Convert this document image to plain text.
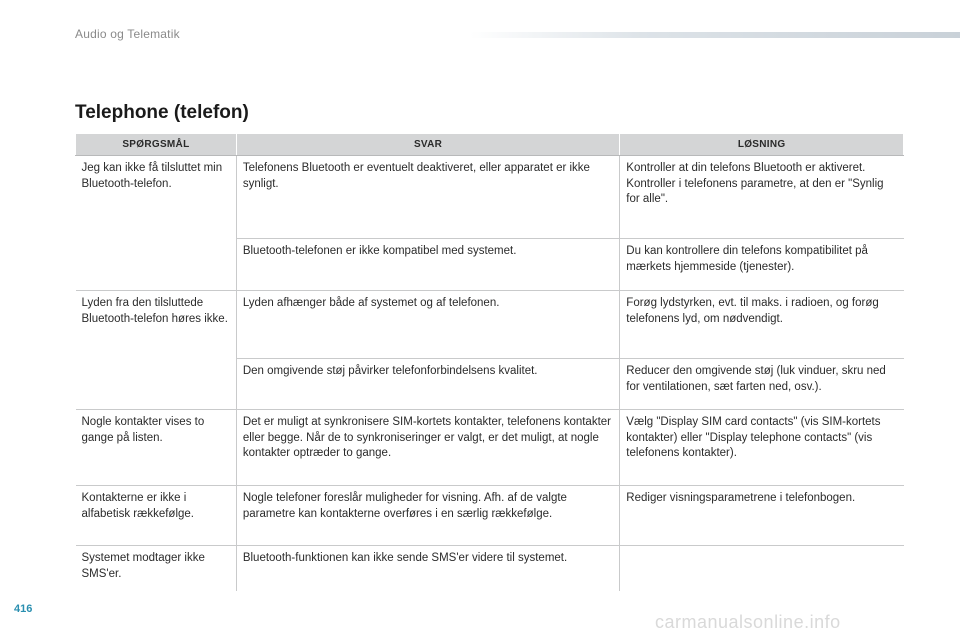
Audio og Telematik
Telephone (telefon)
SPØRGSMÅL	SVAR	LØSNING
Jeg kan ikke få tilsluttet min Bluetooth-telefon.	Telefonens Bluetooth er eventuelt deaktiveret, eller apparatet er ikke synligt.	Kontroller at din telefons Bluetooth er aktiveret.
Kontroller i telefonens parametre, at den er "Synlig for alle".
	Bluetooth-telefonen er ikke kompatibel med systemet.	Du kan kontrollere din telefons kompatibilitet på mærkets hjemmeside (tjenester).
Lyden fra den tilsluttede Bluetooth-telefon høres ikke.	Lyden afhænger både af systemet og af telefonen.	Forøg lydstyrken, evt. til maks. i radioen, og forøg telefonens lyd, om nødvendigt.
	Den omgivende støj påvirker telefonforbindelsens kvalitet.	Reducer den omgivende støj (luk vinduer, skru ned for ventilationen, sæt farten ned, osv.).
Nogle kontakter vises to gange på listen.	Det er muligt at synkronisere SIM-kortets kontakter, telefonens kontakter eller begge. Når de to synkroniseringer er valgt, er det muligt, at nogle kontakter optræder to gange.	Vælg "Display SIM card contacts" (vis SIM-kortets kontakter) eller "Display telephone contacts" (vis telefonens kontakter).
Kontakterne er ikke i alfabetisk rækkefølge.	Nogle telefoner foreslår muligheder for visning. Afh. af de valgte parametre kan kontakterne overføres i en særlig rækkefølge.	Rediger visningsparametrene i telefonbogen.
Systemet modtager ikke SMS'er.	Bluetooth-funktionen kan ikke sende SMS'er videre til systemet.	
416
carmanualsonline.info
